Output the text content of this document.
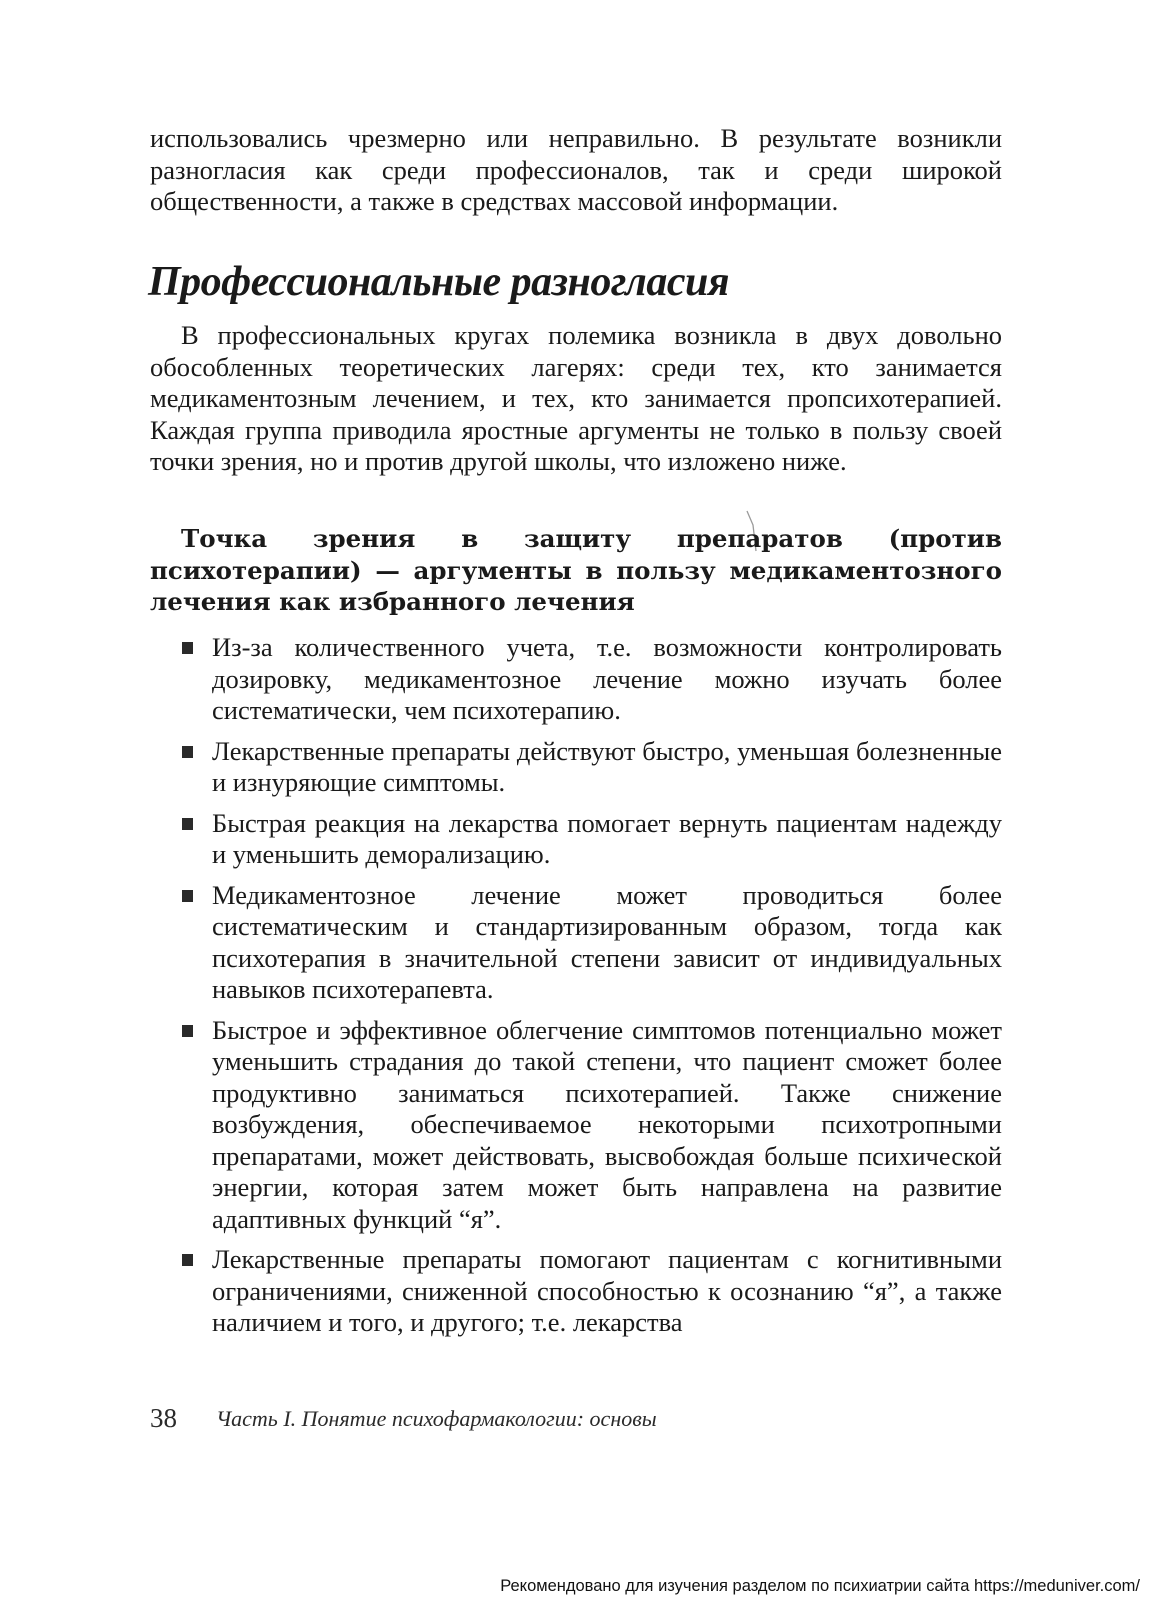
использовались чрезмерно или неправильно. В результате возникли разногласия как среди профессионалов, так и среди широкой общественности, а также в средствах массовой информации.

Профессиональные разногласия

В профессиональных кругах полемика возникла в двух довольно обособленных теоретических лагерях: среди тех, кто занимается медикаментозным лечением, и тех, кто занимается пропсихотерапией. Каждая группа приводила яростные аргументы не только в пользу своей точки зрения, но и против другой школы, что изложено ниже.

Точка зрения в защиту препаратов (против психотерапии) — аргументы в пользу медикаментозного лечения как избранного лечения
Из-за количественного учета, т.е. возможности контролировать дозировку, медикаментозное лечение можно изучать более систематически, чем психотерапию.
Лекарственные препараты действуют быстро, уменьшая болезненные и изнуряющие симптомы.
Быстрая реакция на лекарства помогает вернуть пациентам надежду и уменьшить деморализацию.
Медикаментозное лечение может проводиться более систематическим и стандартизированным образом, тогда как психотерапия в значительной степени зависит от индивидуальных навыков психотерапевта.
Быстрое и эффективное облегчение симптомов потенциально может уменьшить страдания до такой степени, что пациент сможет более продуктивно заниматься психотерапией. Также снижение возбуждения, обеспечиваемое некоторыми психотропными препаратами, может действовать, высвобождая больше психической энергии, которая затем может быть направлена на развитие адаптивных функций “я”.
Лекарственные препараты помогают пациентам с когнитивными ограничениями, сниженной способностью к осознанию “я”, а также наличием и того, и другого; т.е. лекарства
38 Часть I. Понятие психофармакологии: основы
Рекомендовано для изучения разделом по психиатрии сайта https://meduniver.com/
